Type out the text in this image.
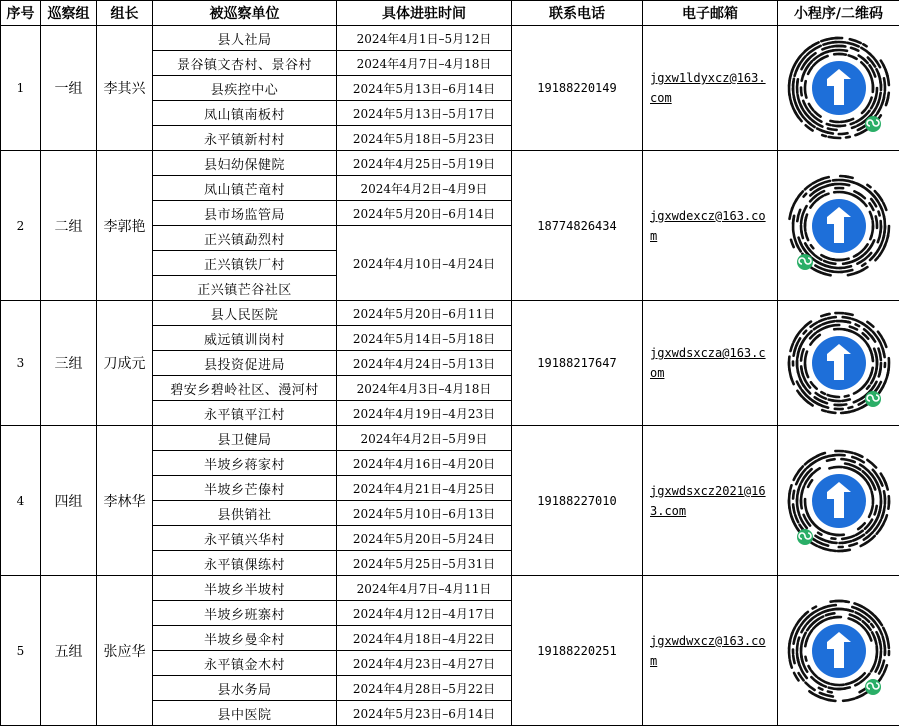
序号	巡察组	组长	被巡察单位	具体进驻时间	联系电话	电子邮箱	小程序/二维码
1	一组	李其兴	县人社局	2024年4月1日–5月12日	19188220149	jgxw1ldyxcz@163.com

			景谷镇文杏村、景谷村	2024年4月7日–4月18日			
			县疾控中心	2024年5月13日–6月14日			
			凤山镇南板村	2024年5月13日–5月17日			
			永平镇新村村	2024年5月18日–5月23日			
2	二组	李郭艳	县妇幼保健院	2024年4月25日–5月19日	18774826434	jgxwdexcz@163.com

			凤山镇芒竜村	2024年4月2日–4月9日			
			县市场监管局	2024年5月20日–6月14日			
			正兴镇勐烈村	2024年4月10日–4月24日			
			正兴镇铁厂村				
			正兴镇芒谷社区				
3	三组	刀成元	县人民医院	2024年5月20日–6月11日	19188217647	jgxwdsxcza@163.com

			威远镇训岗村	2024年5月14日–5月18日			
			县投资促进局	2024年4月24日–5月13日			
			碧安乡碧岭社区、漫河村	2024年4月3日–4月18日			
			永平镇平江村	2024年4月19日–4月23日			
4	四组	李林华	县卫健局	2024年4月2日–5月9日	19188227010	jgxwdsxcz2021@163.com

			半坡乡蒋家村	2024年4月16日–4月20日			
			半坡乡芒傣村	2024年4月21日–4月25日			
			县供销社	2024年5月10日–6月13日			
			永平镇兴华村	2024年5月20日–5月24日			
			永平镇倮练村	2024年5月25日–5月31日			
5	五组	张应华	半坡乡半坡村	2024年4月7日–4月11日	19188220251	jgxwdwxcz@163.com

			半坡乡班寨村	2024年4月12日–4月17日			
			半坡乡曼伞村	2024年4月18日–4月22日			
			永平镇金木村	2024年4月23日–4月27日			
			县水务局	2024年4月28日–5月22日			
			县中医院	2024年5月23日–6月14日			
